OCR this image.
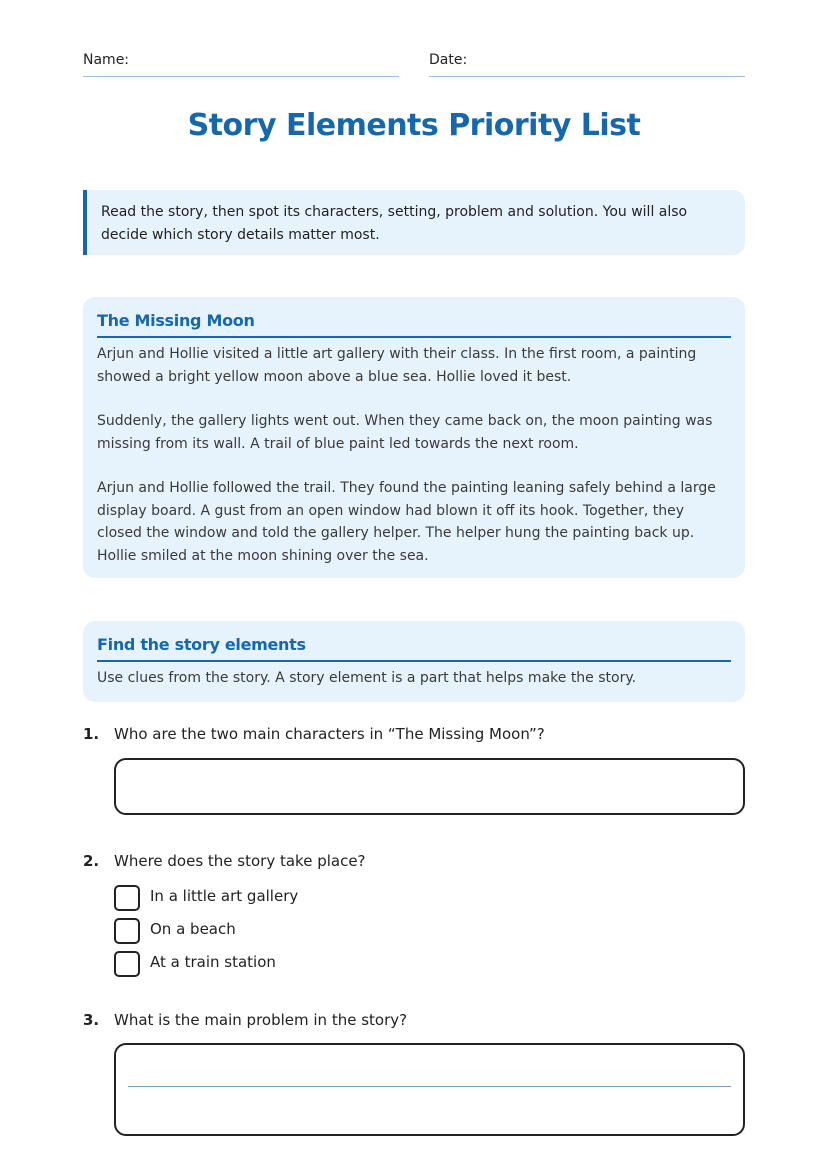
Name:	Date:
Story Elements Priority List
Read the story, then spot its characters, setting, problem and solution. You will also decide which story details matter most.
The Missing Moon

Arjun and Hollie visited a little art gallery with their class. In the first room, a painting showed a bright yellow moon above a blue sea. Hollie loved it best.

Suddenly, the gallery lights went out. When they came back on, the moon painting was missing from its wall. A trail of blue paint led towards the next room.

Arjun and Hollie followed the trail. They found the painting leaning safely behind a large display board. A gust from an open window had blown it off its hook. Together, they closed the window and told the gallery helper. The helper hung the painting back up. Hollie smiled at the moon shining over the sea.

Find the story elements
Use clues from the story. A story element is a part that helps make the story.
1. Who are the two main characters in “The Missing Moon”?
2. Where does the story take place?
In a little art gallery
On a beach
At a train station
3. What is the main problem in the story?
